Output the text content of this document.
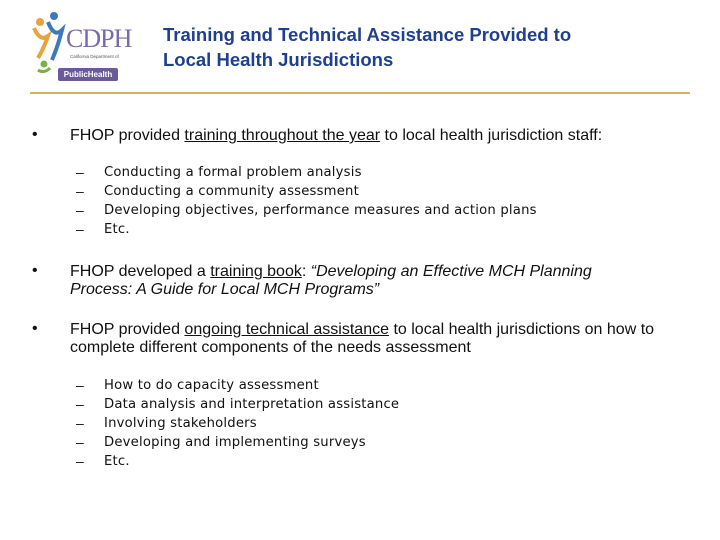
CDPH
California Department of
PublicHealth
Training and Technical Assistance Provided to
Local Health Jurisdictions
• FHOP provided training throughout the year to local health jurisdiction staff:
– Conducting a formal problem analysis
– Conducting a community assessment
– Developing objectives, performance measures and action plans
– Etc.
• FHOP developed a training book: “Developing an Effective MCH Planning Process: A Guide for Local MCH Programs”
• FHOP provided ongoing technical assistance to local health jurisdictions on how to complete different components of the needs assessment
– How to do capacity assessment
– Data analysis and interpretation assistance
– Involving stakeholders
– Developing and implementing surveys
– Etc.
